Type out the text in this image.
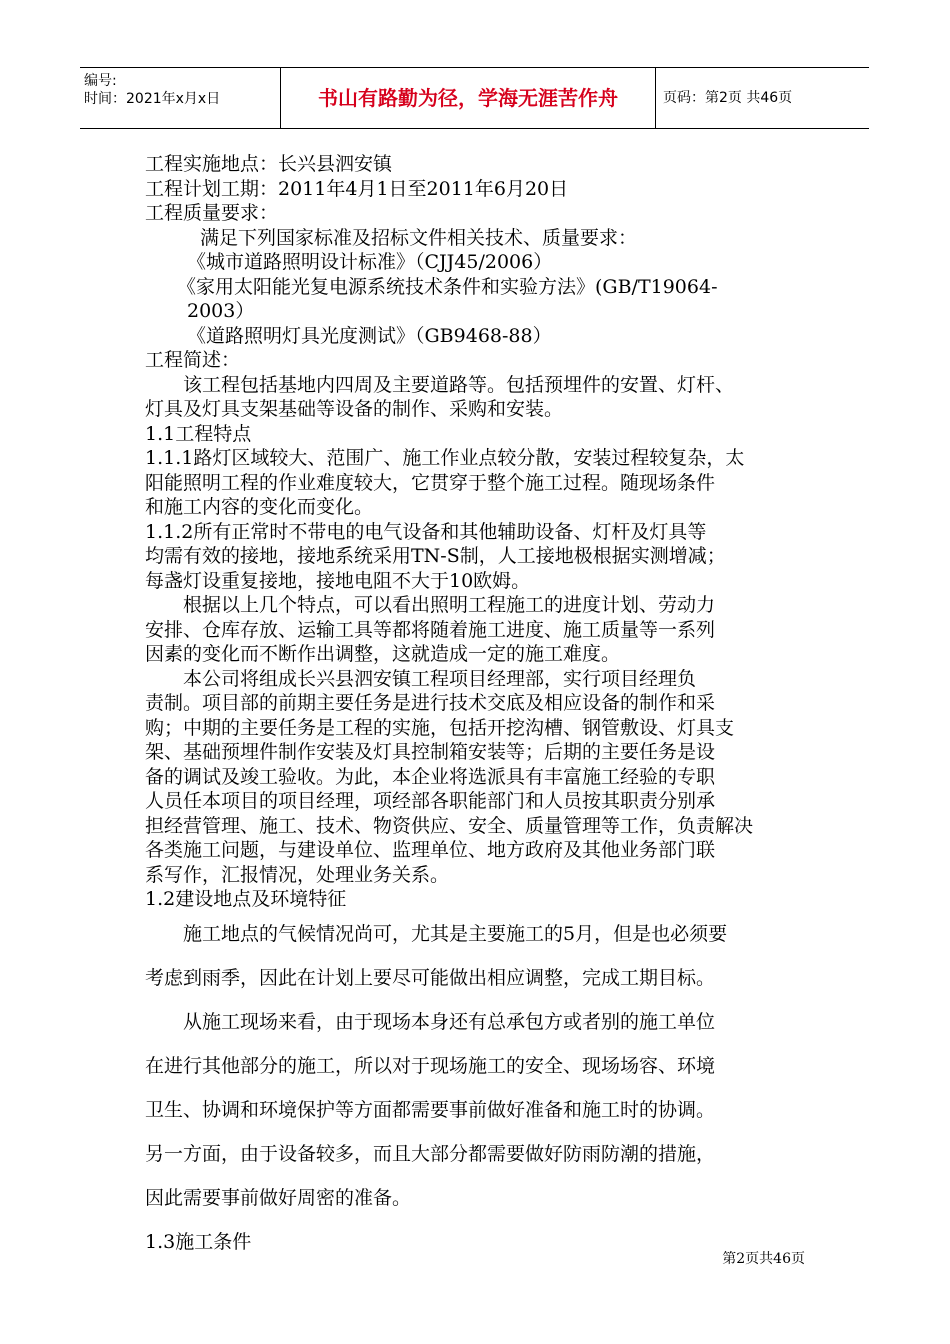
编号:
时间：2021年x月x日	书山有路勤为径，学海无涯苦作舟	页码：第2页 共46页

工程实施地点：长兴县泗安镇

工程计划工期：2011年4月1日至2011年6月20日

工程质量要求：

满足下列国家标准及招标文件相关技术、质量要求：

《城市道路照明设计标准》（CJJ45/2006）

《家用太阳能光复电源系统技术条件和实验方法》(GB/T19064-

2003）

《道路照明灯具光度测试》（GB9468-88）

工程简述：

该工程包括基地内四周及主要道路等。包括预埋件的安置、灯杆、

灯具及灯具支架基础等设备的制作、采购和安装。

1.1工程特点

1.1.1路灯区域较大、范围广、施工作业点较分散，安装过程较复杂，太

阳能照明工程的作业难度较大，它贯穿于整个施工过程。随现场条件

和施工内容的变化而变化。

1.1.2所有正常时不带电的电气设备和其他辅助设备、灯杆及灯具等

均需有效的接地，接地系统采用TN-S制，人工接地极根据实测增减；

每盏灯设重复接地，接地电阻不大于10欧姆。

根据以上几个特点，可以看出照明工程施工的进度计划、劳动力

安排、仓库存放、运输工具等都将随着施工进度、施工质量等一系列

因素的变化而不断作出调整，这就造成一定的施工难度。

本公司将组成长兴县泗安镇工程项目经理部，实行项目经理负

责制。项目部的前期主要任务是进行技术交底及相应设备的制作和采

购；中期的主要任务是工程的实施，包括开挖沟槽、钢管敷设、灯具支

架、基础预埋件制作安装及灯具控制箱安装等；后期的主要任务是设

备的调试及竣工验收。为此，本企业将选派具有丰富施工经验的专职

人员任本项目的项目经理，项经部各职能部门和人员按其职责分别承

担经营管理、施工、技术、物资供应、安全、质量管理等工作，负责解决

各类施工问题，与建设单位、监理单位、地方政府及其他业务部门联

系写作，汇报情况，处理业务关系。

1.2建设地点及环境特征

施工地点的气候情况尚可，尤其是主要施工的5月，但是也必须要

考虑到雨季，因此在计划上要尽可能做出相应调整，完成工期目标。

从施工现场来看，由于现场本身还有总承包方或者别的施工单位

在进行其他部分的施工，所以对于现场施工的安全、现场场容、环境

卫生、协调和环境保护等方面都需要事前做好准备和施工时的协调。

另一方面，由于设备较多，而且大部分都需要做好防雨防潮的措施，

因此需要事前做好周密的准备。

1.3施工条件

第2页共46页
